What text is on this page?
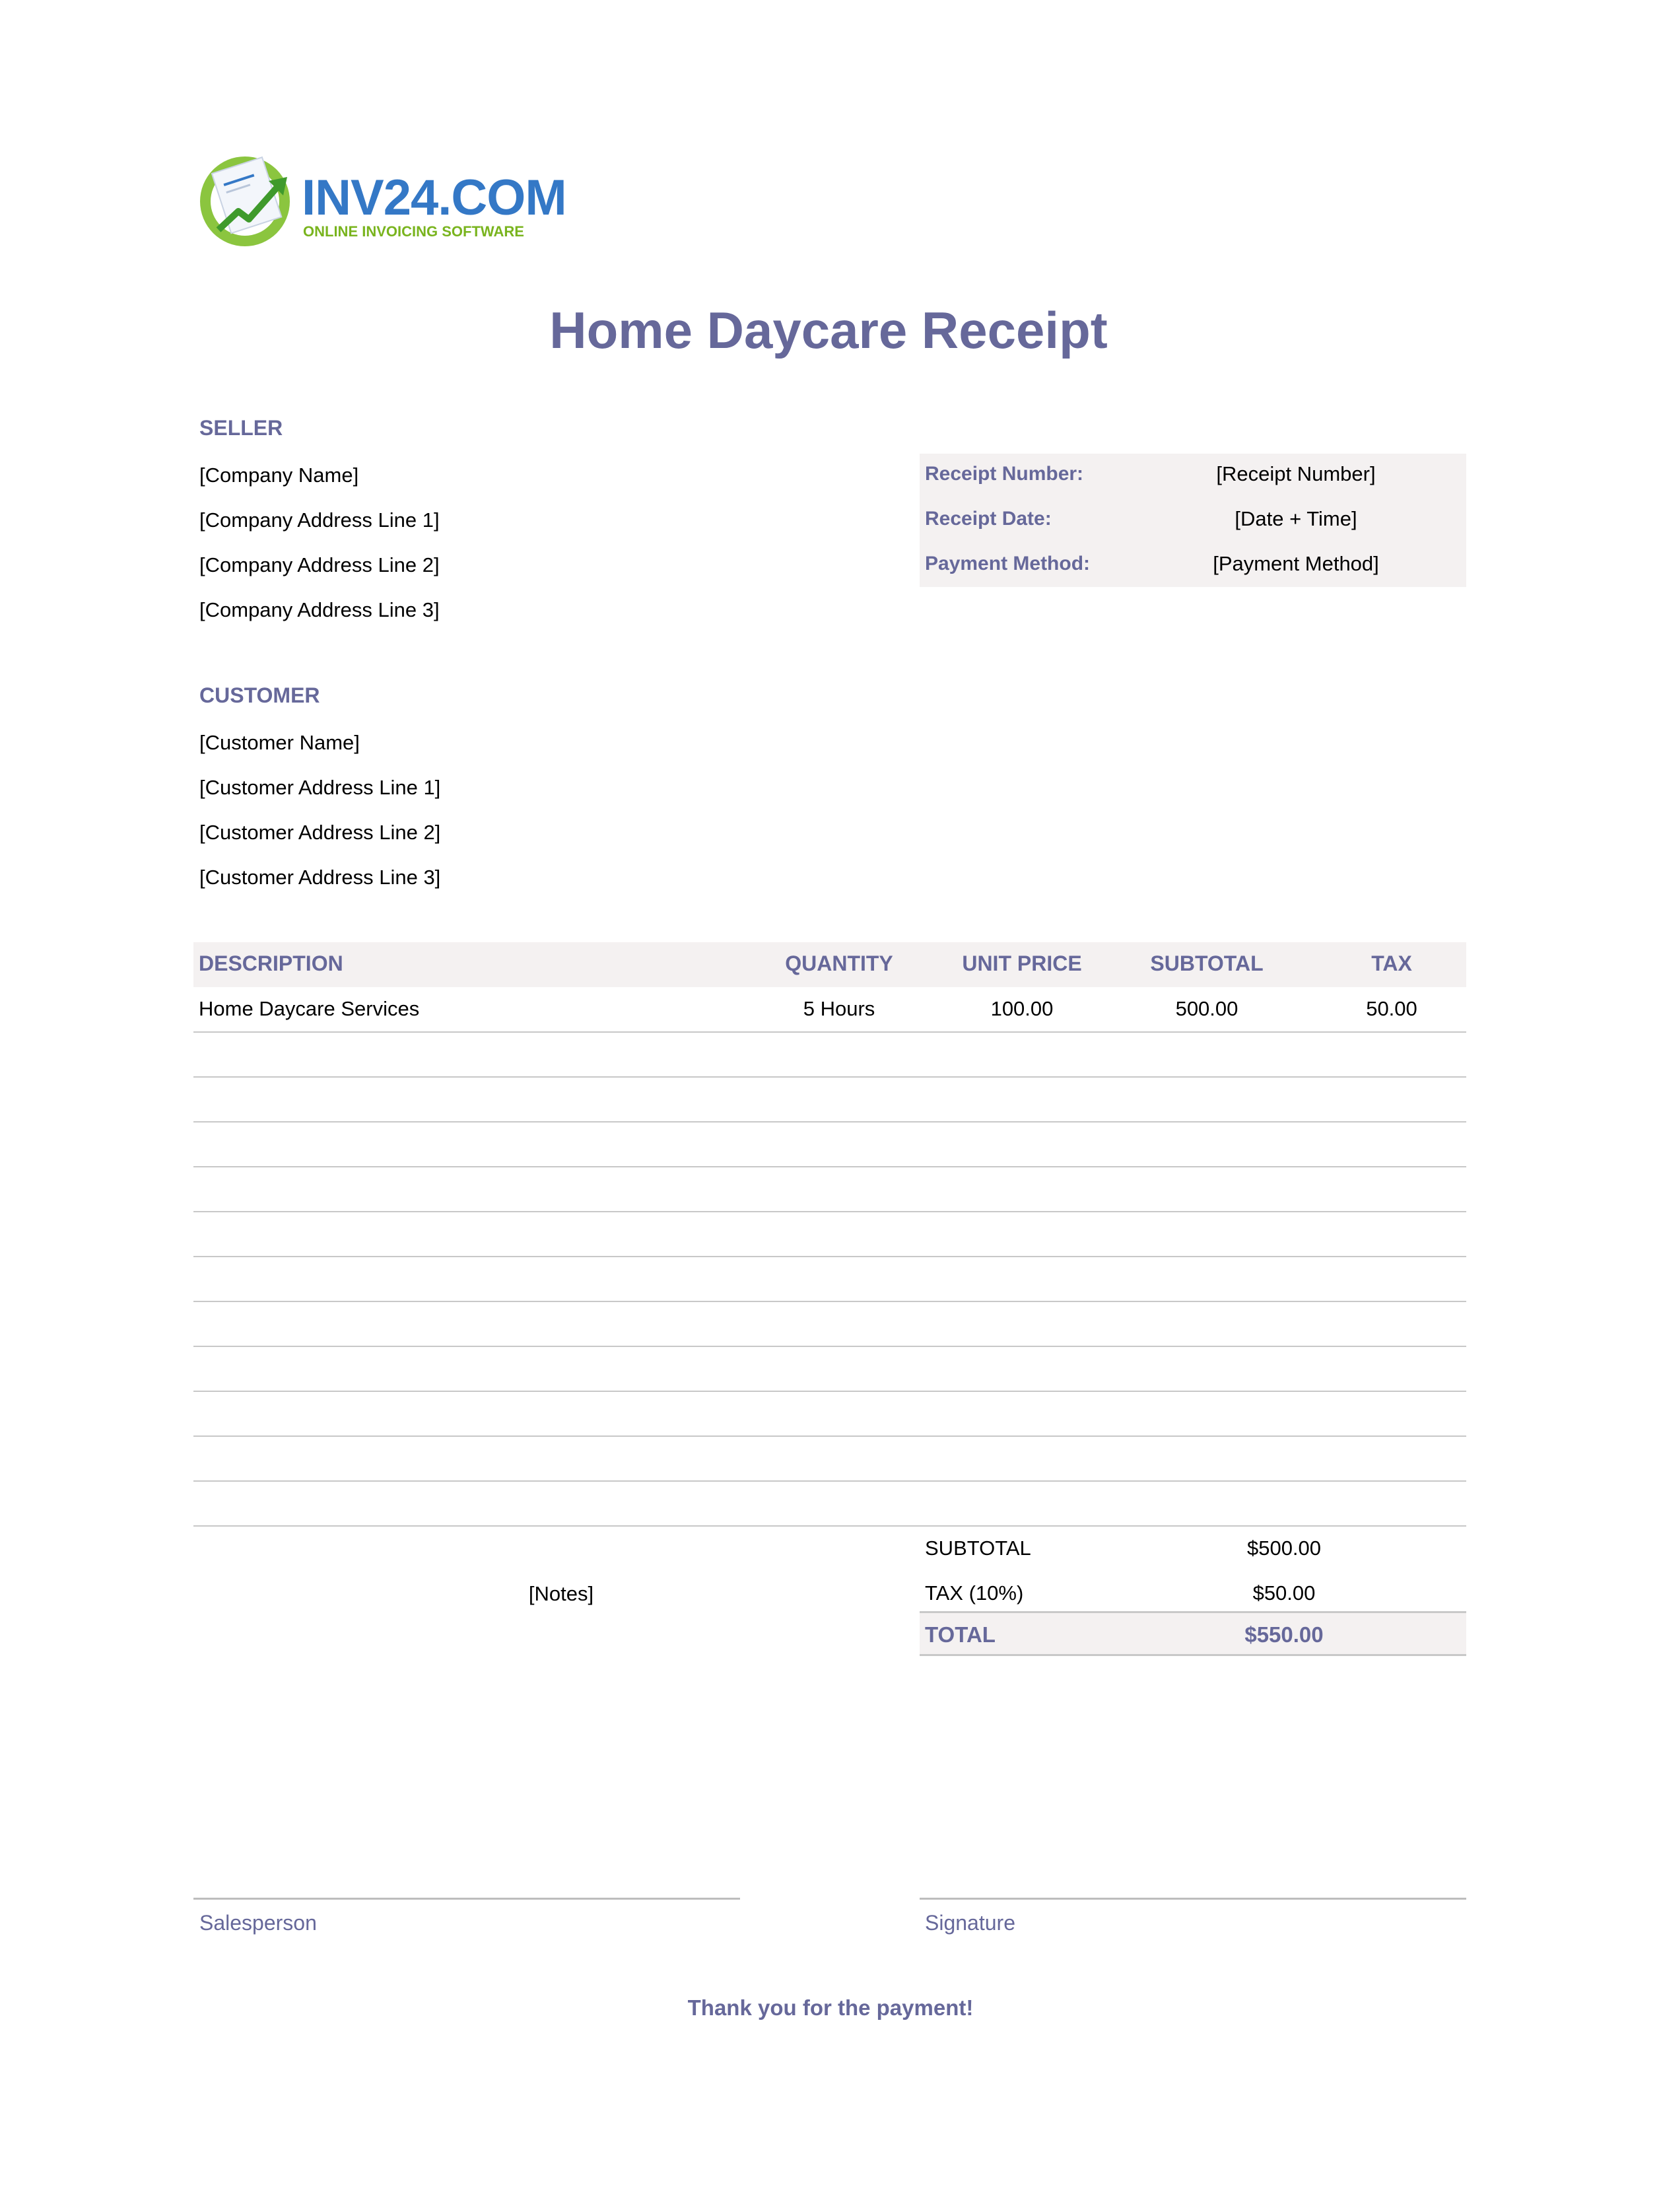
INV24.COM
ONLINE INVOICING SOFTWARE
Home Daycare Receipt
SELLER
[Company Name]
[Company Address Line 1]
[Company Address Line 2]
[Company Address Line 3]
Receipt Number:	[Receipt Number]
Receipt Date:	[Date + Time]
Payment Method:	[Payment Method]
CUSTOMER
[Customer Name]
[Customer Address Line 1]
[Customer Address Line 2]
[Customer Address Line 3]
DESCRIPTION	QUANTITY	UNIT PRICE	SUBTOTAL	TAX
Home Daycare Services	5 Hours	100.00	500.00	50.00
[Notes]
SUBTOTAL	$500.00
TAX (10%)	$50.00
TOTAL	$550.00
Salesperson	Signature
Thank you for the payment!
